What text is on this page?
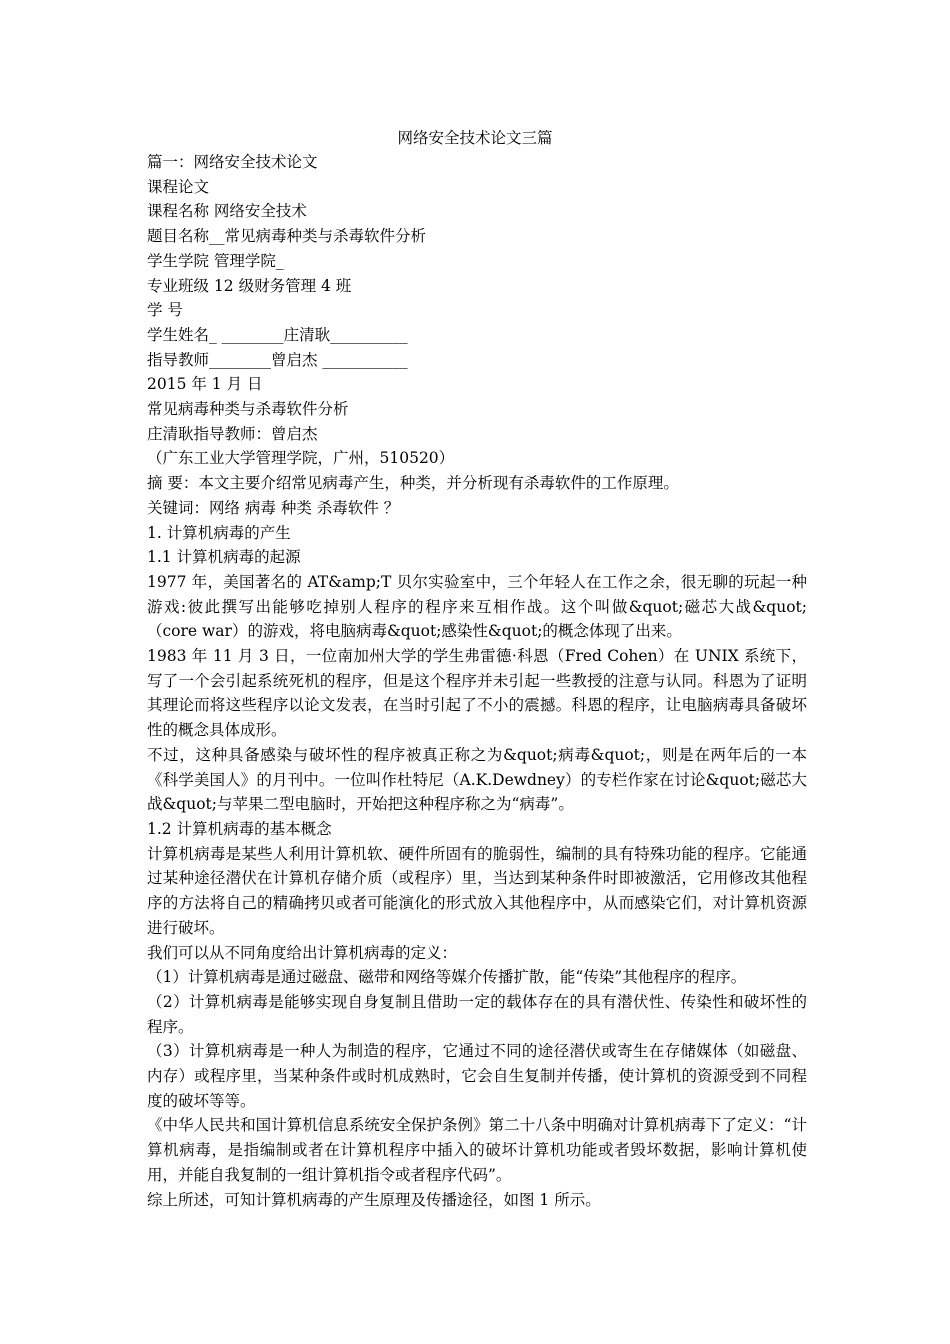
网络安全技术论文三篇

篇一：网络安全技术论文

课程论文

课程名称 网络安全技术

题目名称__常见病毒种类与杀毒软件分析

学生学院 管理学院_

专业班级 12 级财务管理 4 班

学 号

学生姓名_ ________庄清耿__________

指导教师________曾启杰 ___________

2015 年 1 月 日

常见病毒种类与杀毒软件分析

庄清耿指导教师：曾启杰

（广东工业大学管理学院，广州，510520）

摘 要：本文主要介绍常见病毒产生，种类，并分析现有杀毒软件的工作原理。

关键词：网络 病毒 种类 杀毒软件 ？

1. 计算机病毒的产生

1.1 计算机病毒的起源

1977 年，美国著名的 AT&amp;T 贝尔实验室中，三个年轻人在工作之余，很无聊的玩起一种游戏:彼此撰写出能够吃掉别人程序的程序来互相作战。这个叫做&quot;磁芯大战&quot;（core war）的游戏，将电脑病毒&quot;感染性&quot;的概念体现了出来。

1983 年 11 月 3 日，一位南加州大学的学生弗雷德·科恩（Fred Cohen）在 UNIX 系统下，写了一个会引起系统死机的程序，但是这个程序并未引起一些教授的注意与认同。科恩为了证明其理论而将这些程序以论文发表，在当时引起了不小的震撼。科恩的程序，让电脑病毒具备破坏性的概念具体成形。

不过，这种具备感染与破坏性的程序被真正称之为&quot;病毒&quot;，则是在两年后的一本《科学美国人》的月刊中。一位叫作杜特尼（A.K.Dewdney）的专栏作家在讨论&quot;磁芯大战&quot;与苹果二型电脑时，开始把这种程序称之为“病毒”。

1.2 计算机病毒的基本概念

计算机病毒是某些人利用计算机软、硬件所固有的脆弱性，编制的具有特殊功能的程序。它能通过某种途径潜伏在计算机存储介质（或程序）里，当达到某种条件时即被激活，它用修改其他程序的方法将自己的精确拷贝或者可能演化的形式放入其他程序中，从而感染它们，对计算机资源进行破坏。

我们可以从不同角度给出计算机病毒的定义：

（1）计算机病毒是通过磁盘、磁带和网络等媒介传播扩散，能“传染”其他程序的程序。

（2）计算机病毒是能够实现自身复制且借助一定的载体存在的具有潜伏性、传染性和破坏性的程序。

（3）计算机病毒是一种人为制造的程序，它通过不同的途径潜伏或寄生在存储媒体（如磁盘、内存）或程序里，当某种条件或时机成熟时，它会自生复制并传播，使计算机的资源受到不同程度的破坏等等。

《中华人民共和国计算机信息系统安全保护条例》第二十八条中明确对计算机病毒下了定义：“计算机病毒，是指编制或者在计算机程序中插入的破坏计算机功能或者毁坏数据，影响计算机使用，并能自我复制的一组计算机指令或者程序代码”。

综上所述，可知计算机病毒的产生原理及传播途径，如图 1 所示。
